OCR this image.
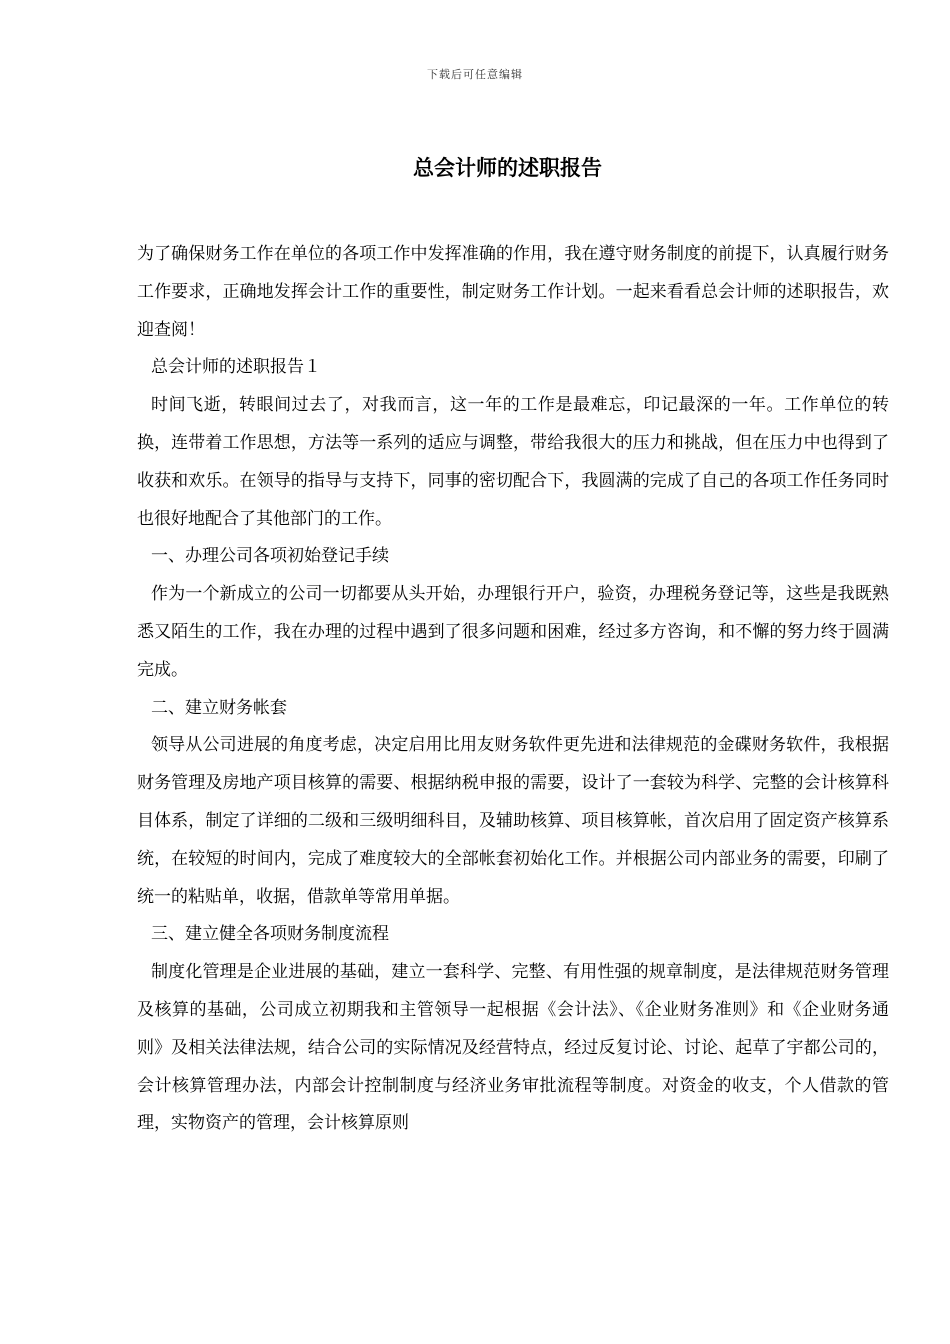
下载后可任意编辑
总会计师的述职报告

为了确保财务工作在单位的各项工作中发挥准确的作用，我在遵守财务制度的前提下，认真履行财务工作要求，正确地发挥会计工作的重要性，制定财务工作计划。一起来看看总会计师的述职报告，欢迎查阅！

总会计师的述职报告１

时间飞逝，转眼间过去了，对我而言，这一年的工作是最难忘，印记最深的一年。工作单位的转换，连带着工作思想，方法等一系列的适应与调整，带给我很大的压力和挑战，但在压力中也得到了收获和欢乐。在领导的指导与支持下，同事的密切配合下，我圆满的完成了自己的各项工作任务同时也很好地配合了其他部门的工作。

一、办理公司各项初始登记手续

作为一个新成立的公司一切都要从头开始，办理银行开户，验资，办理税务登记等，这些是我既熟悉又陌生的工作，我在办理的过程中遇到了很多问题和困难，经过多方咨询，和不懈的努力终于圆满完成。

二、建立财务帐套

领导从公司进展的角度考虑，决定启用比用友财务软件更先进和法律规范的金碟财务软件，我根据财务管理及房地产项目核算的需要、根据纳税申报的需要，设计了一套较为科学、完整的会计核算科目体系，制定了详细的二级和三级明细科目，及辅助核算、项目核算帐，首次启用了固定资产核算系统，在较短的时间内，完成了难度较大的全部帐套初始化工作。并根据公司内部业务的需要，印刷了统一的粘贴单，收据，借款单等常用单据。

三、建立健全各项财务制度流程

制度化管理是企业进展的基础，建立一套科学、完整、有用性强的规章制度，是法律规范财务管理及核算的基础，公司成立初期我和主管领导一起根据《会计法》、《企业财务准则》和《企业财务通则》及相关法律法规，结合公司的实际情况及经营特点，经过反复讨论、讨论、起草了宇都公司的，会计核算管理办法，内部会计控制制度与经济业务审批流程等制度。对资金的收支，个人借款的管理，实物资产的管理，会计核算原则
